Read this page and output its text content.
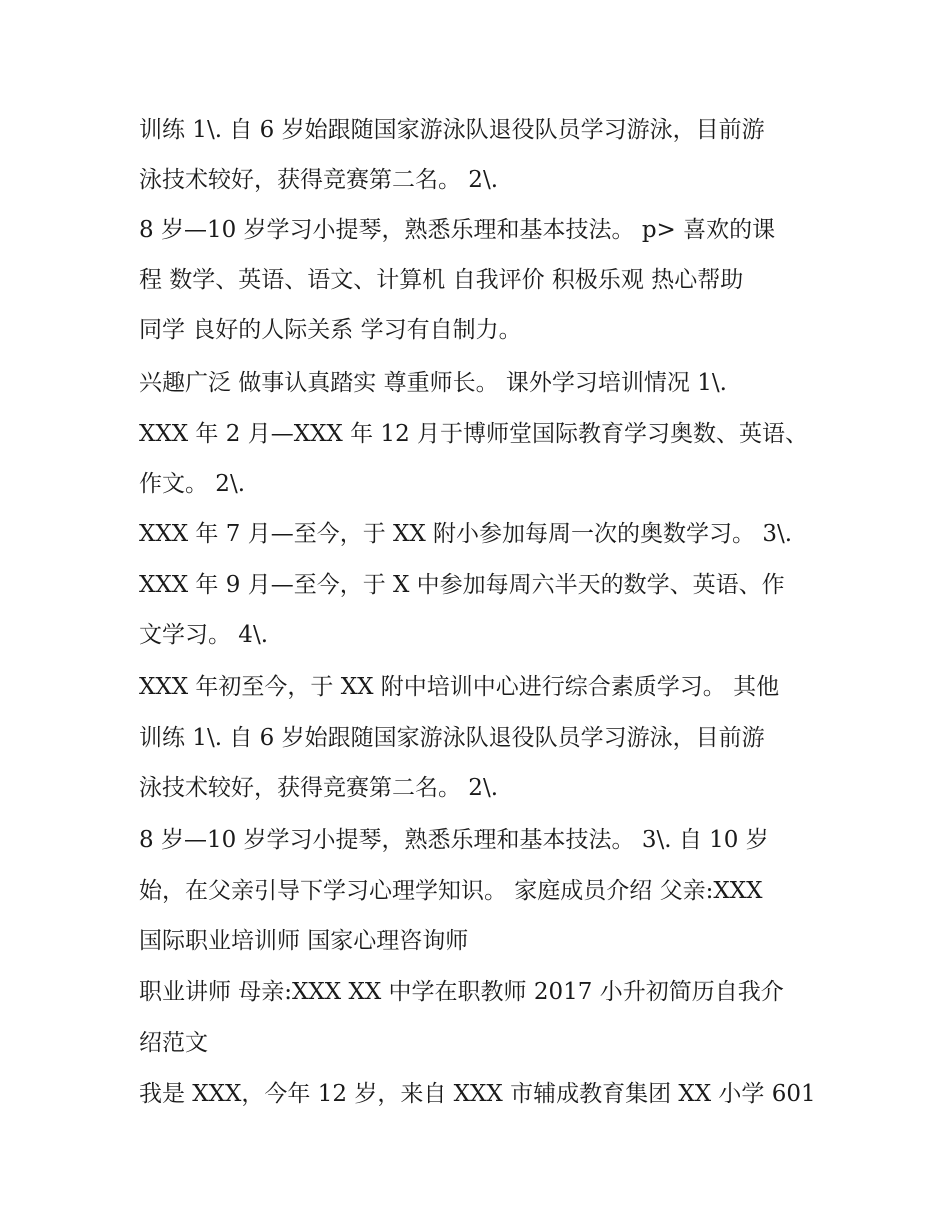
训练 1\. 自 6 岁始跟随国家游泳队退役队员学习游泳，目前游

泳技术较好，获得竞赛第二名。 2\.

8 岁—10 岁学习小提琴，熟悉乐理和基本技法。 p> 喜欢的课

程 数学、英语、语文、计算机 自我评价 积极乐观 热心帮助

同学 良好的人际关系 学习有自制力。

兴趣广泛 做事认真踏实 尊重师长。 课外学习培训情况 1\.

XXX 年 2 月—XXX 年 12 月于博师堂国际教育学习奥数、英语、

作文。 2\.

XXX 年 7 月—至今，于 XX 附小参加每周一次的奥数学习。 3\.

XXX 年 9 月—至今，于 X 中参加每周六半天的数学、英语、作

文学习。 4\.

XXX 年初至今，于 XX 附中培训中心进行综合素质学习。 其他

训练 1\. 自 6 岁始跟随国家游泳队退役队员学习游泳，目前游

泳技术较好，获得竞赛第二名。 2\.

8 岁—10 岁学习小提琴，熟悉乐理和基本技法。 3\. 自 10 岁

始，在父亲引导下学习心理学知识。 家庭成员介绍 父亲:XXX

国际职业培训师 国家心理咨询师

职业讲师 母亲:XXX XX 中学在职教师 2017 小升初简历自我介

绍范文

我是 XXX，今年 12 岁，来自 XXX 市辅成教育集团 XX 小学 601
